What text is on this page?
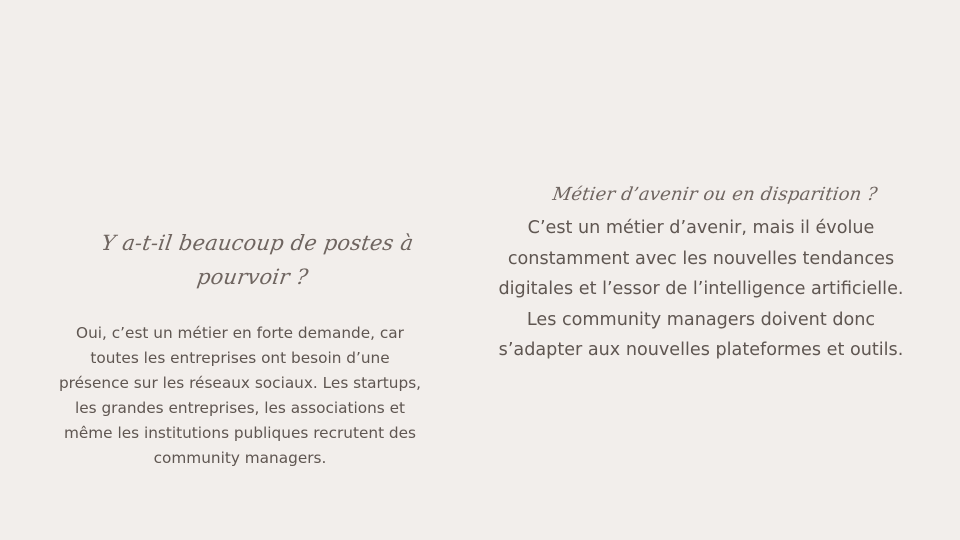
Y a-t-il beaucoup de postes à pourvoir ?

Oui, c’est un métier en forte demande, car toutes les entreprises ont besoin d’une présence sur les réseaux sociaux. Les startups, les grandes entreprises, les associations et même les institutions publiques recrutent des community managers.

Métier d’avenir ou en disparition ?

C’est un métier d’avenir, mais il évolue constamment avec les nouvelles tendances digitales et l’essor de l’intelligence artificielle. Les community managers doivent donc s’adapter aux nouvelles plateformes et outils.
